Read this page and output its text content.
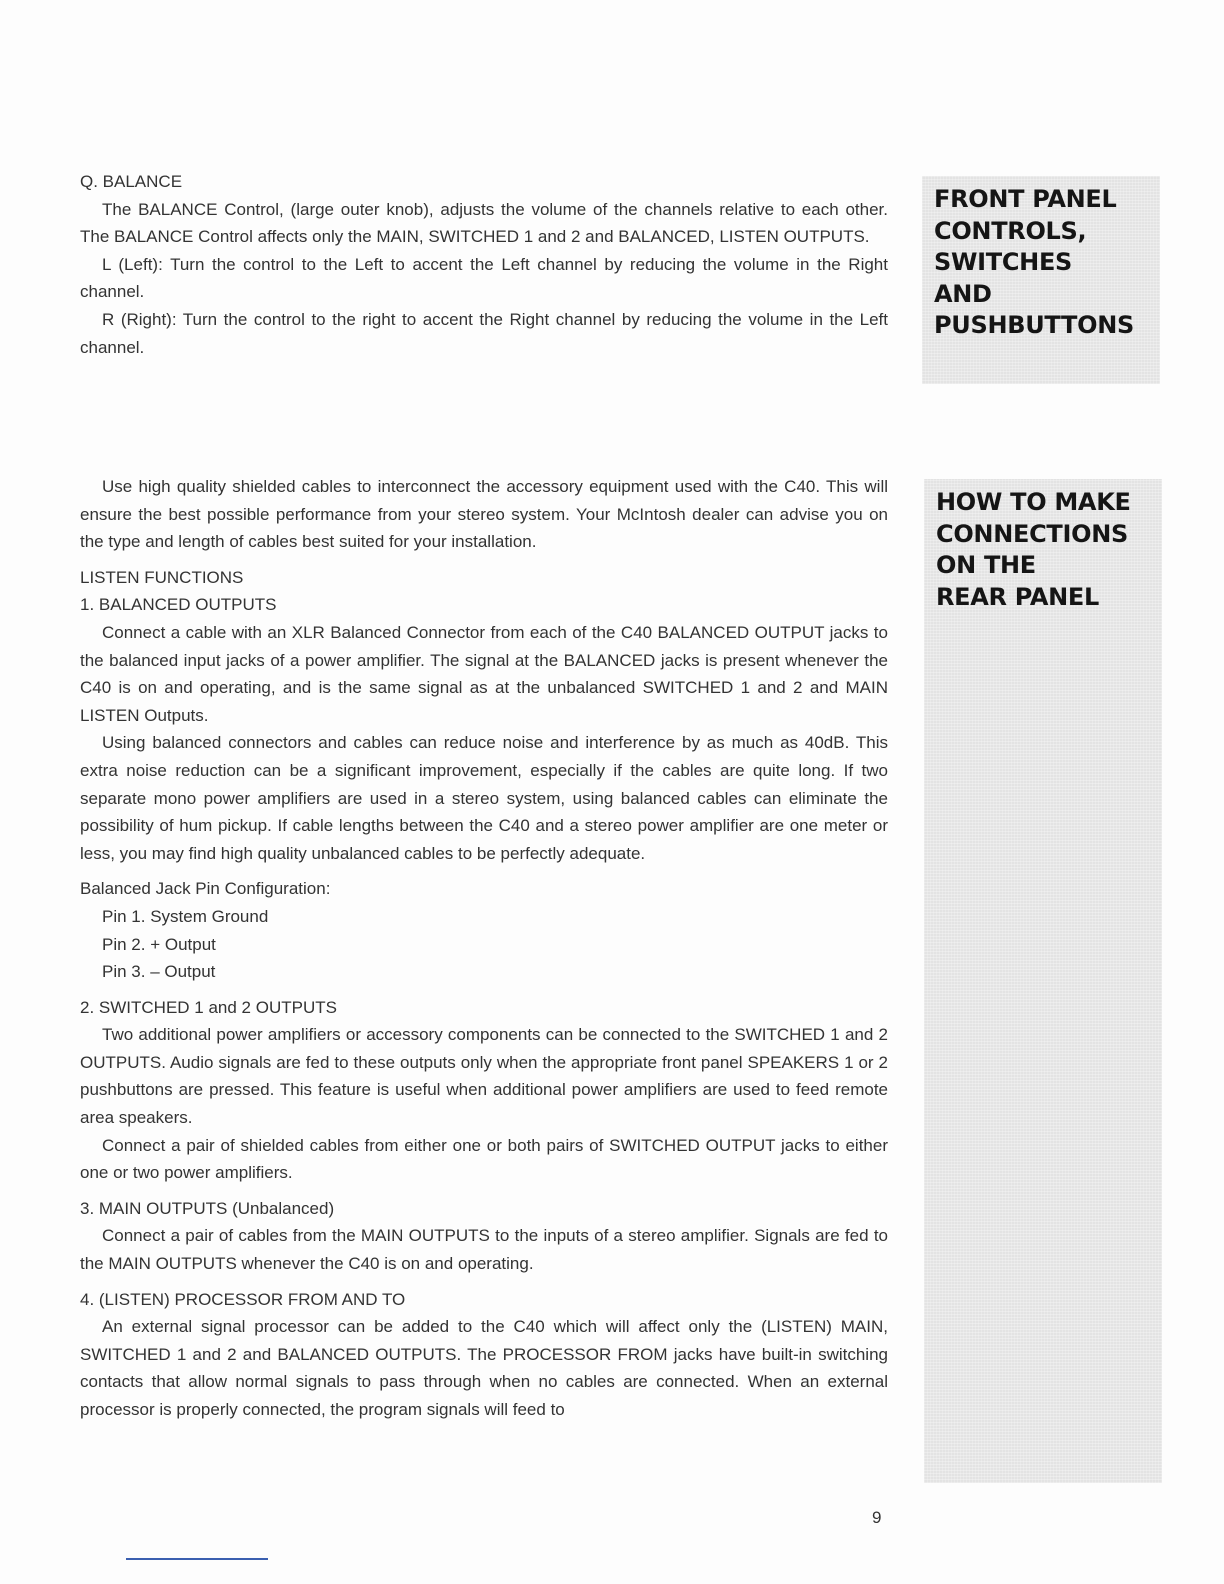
Q. BALANCE

The BALANCE Control, (large outer knob), adjusts the volume of the channels relative to each other. The BALANCE Control affects only the MAIN, SWITCHED 1 and 2 and BALANCED, LISTEN OUTPUTS.

L (Left): Turn the control to the Left to accent the Left channel by reducing the volume in the Right channel.

R (Right): Turn the control to the right to accent the Right channel by reducing the volume in the Left channel.

FRONT PANEL
CONTROLS,
SWITCHES
AND
PUSHBUTTONS

Use high quality shielded cables to interconnect the accessory equipment used with the C40. This will ensure the best possible performance from your stereo system. Your McIntosh dealer can advise you on the type and length of cables best suited for your installation.

LISTEN FUNCTIONS

1. BALANCED OUTPUTS

Connect a cable with an XLR Balanced Connector from each of the C40 BALANCED OUTPUT jacks to the balanced input jacks of a power amplifier. The signal at the BALANCED jacks is present whenever the C40 is on and operating, and is the same signal as at the unbalanced SWITCHED 1 and 2 and MAIN LISTEN Outputs.

Using balanced connectors and cables can reduce noise and interference by as much as 40dB. This extra noise reduction can be a significant improvement, especially if the cables are quite long. If two separate mono power amplifiers are used in a stereo system, using balanced cables can eliminate the possibility of hum pickup. If cable lengths between the C40 and a stereo power amplifier are one meter or less, you may find high quality unbalanced cables to be perfectly adequate.

Balanced Jack Pin Configuration:

Pin 1. System Ground

Pin 2. + Output

Pin 3. – Output

2. SWITCHED 1 and 2 OUTPUTS

Two additional power amplifiers or accessory components can be connected to the SWITCHED 1 and 2 OUTPUTS. Audio signals are fed to these outputs only when the appropriate front panel SPEAKERS 1 or 2 pushbuttons are pressed. This feature is useful when additional power amplifiers are used to feed remote area speakers.

Connect a pair of shielded cables from either one or both pairs of SWITCHED OUTPUT jacks to either one or two power amplifiers.

3. MAIN OUTPUTS (Unbalanced)

Connect a pair of cables from the MAIN OUTPUTS to the inputs of a stereo amplifier. Signals are fed to the MAIN OUTPUTS whenever the C40 is on and operating.

4. (LISTEN) PROCESSOR FROM AND TO

An external signal processor can be added to the C40 which will affect only the (LISTEN) MAIN, SWITCHED 1 and 2 and BALANCED OUTPUTS. The PROCESSOR FROM jacks have built-in switching contacts that allow normal signals to pass through when no cables are connected. When an external processor is properly connected, the program signals will feed to

HOW TO MAKE
CONNECTIONS
ON THE
REAR PANEL
9
